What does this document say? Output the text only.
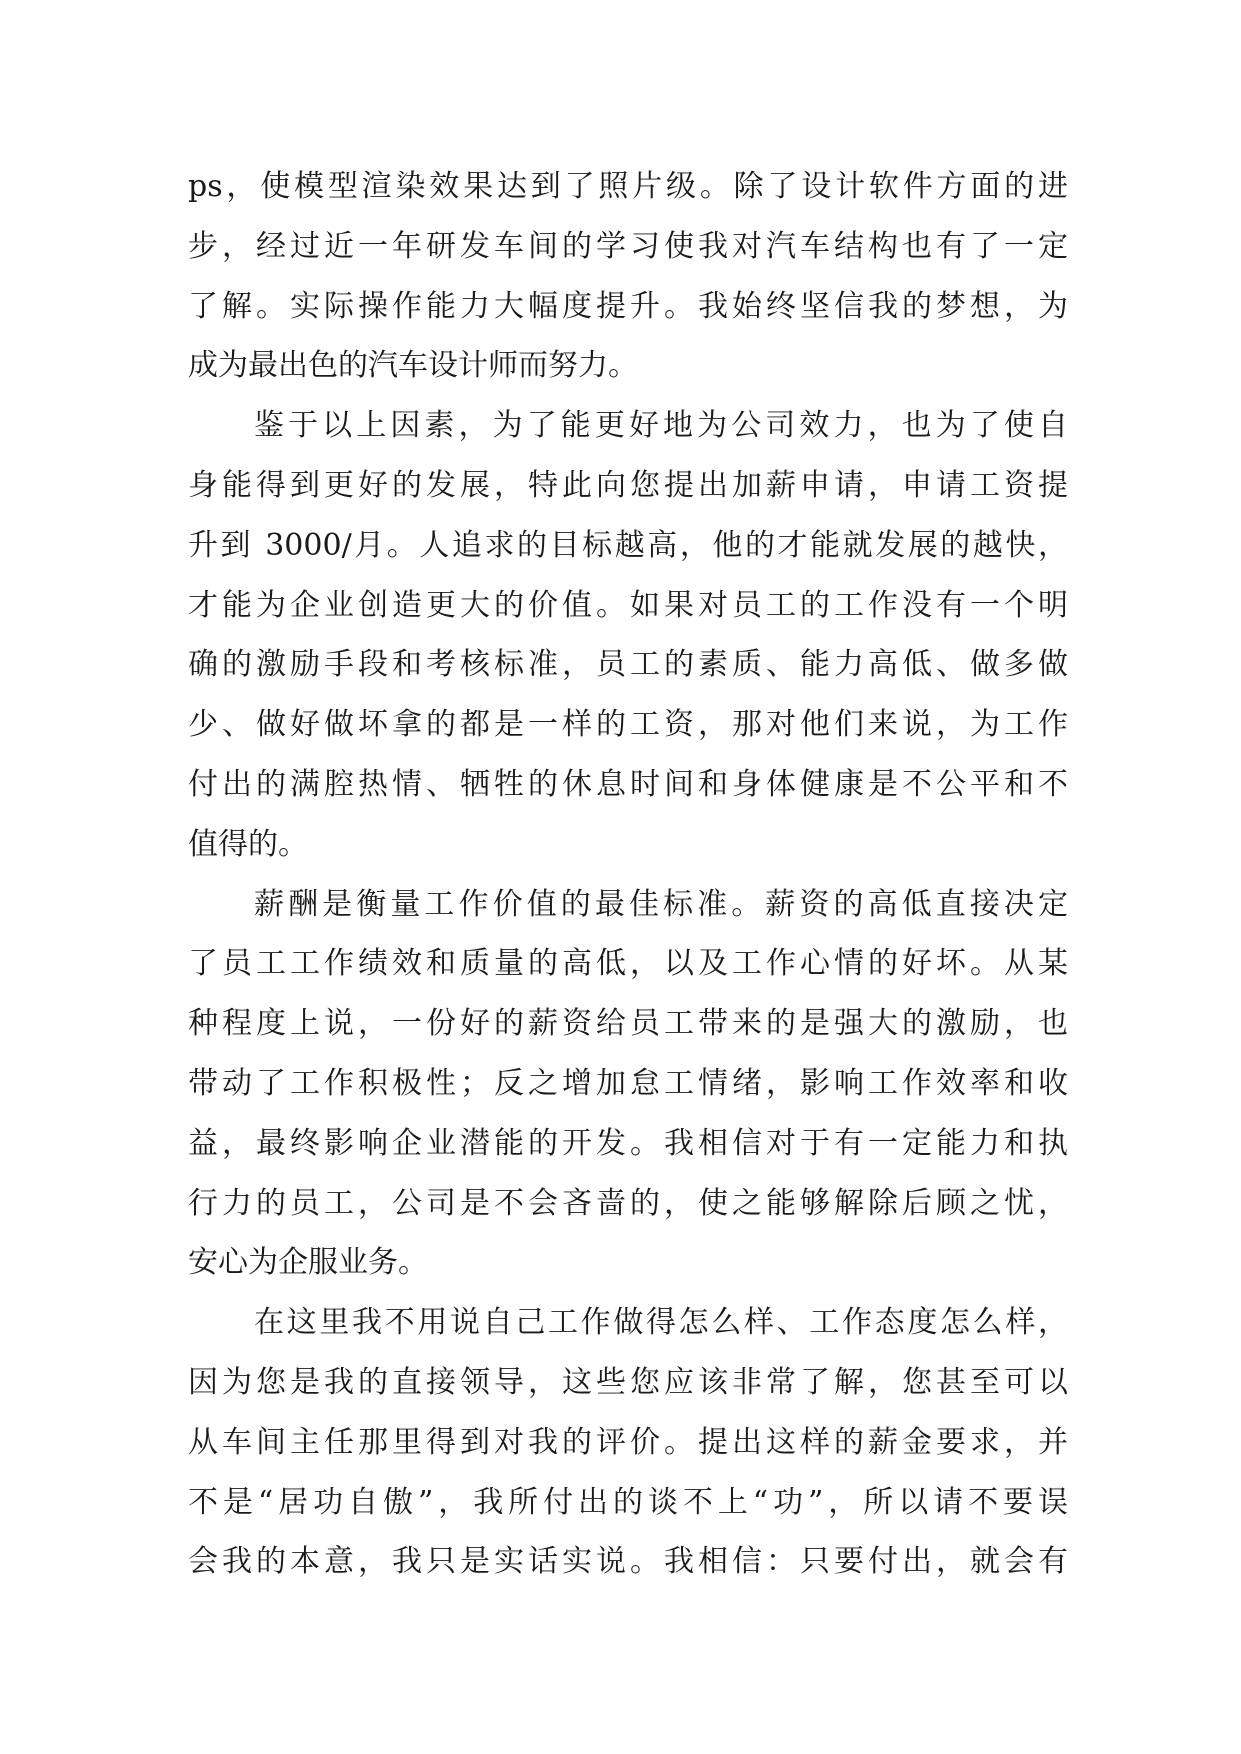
ps，使模型渲染效果达到了照片级。除了设计软件方面的进
步，经过近一年研发车间的学习使我对汽车结构也有了一定
了解。实际操作能力大幅度提升。我始终坚信我的梦想，为
成为最出色的汽车设计师而努力。
鉴于以上因素，为了能更好地为公司效力，也为了使自
身能得到更好的发展，特此向您提出加薪申请，申请工资提
升到 3000/月。人追求的目标越高，他的才能就发展的越快，
才能为企业创造更大的价值。如果对员工的工作没有一个明
确的激励手段和考核标准，员工的素质、能力高低、做多做
少、做好做坏拿的都是一样的工资，那对他们来说，为工作
付出的满腔热情、牺牲的休息时间和身体健康是不公平和不
值得的。
薪酬是衡量工作价值的最佳标准。薪资的高低直接决定
了员工工作绩效和质量的高低，以及工作心情的好坏。从某
种程度上说，一份好的薪资给员工带来的是强大的激励，也
带动了工作积极性；反之增加怠工情绪，影响工作效率和收
益，最终影响企业潜能的开发。我相信对于有一定能力和执
行力的员工，公司是不会吝啬的，使之能够解除后顾之忧，
安心为企服业务。
在这里我不用说自己工作做得怎么样、工作态度怎么样，
因为您是我的直接领导，这些您应该非常了解，您甚至可以
从车间主任那里得到对我的评价。提出这样的薪金要求，并
不是“居功自傲”，我所付出的谈不上“功”，所以请不要误
会我的本意，我只是实话实说。我相信：只要付出，就会有
